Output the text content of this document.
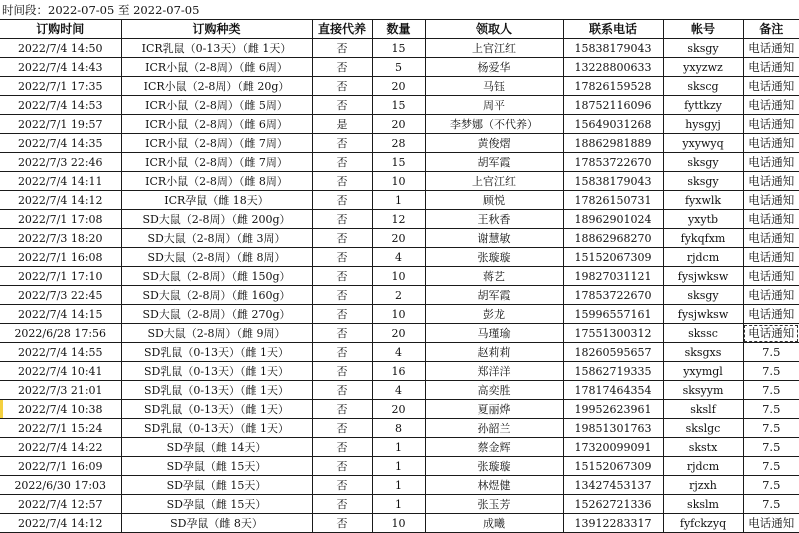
时间段：2022-07-05 至 2022-07-05
订购时间	订购种类	直接代养	数量	领取人	联系电话	帐号	备注
2022/7/4 14:50	ICR乳鼠（0-13天）（雌 1天）	否	15	上官江红	15838179043	sksgy	电话通知
2022/7/4 14:43	ICR小鼠（2-8周）（雌 6周）	否	5	杨爱华	13228800633	yxyzwz	电话通知
2022/7/1 17:35	ICR小鼠（2-8周）（雌 20g）	否	20	马钰	17826159528	skscg	电话通知
2022/7/4 14:53	ICR小鼠（2-8周）（雌 5周）	否	15	周平	18752116096	fyttkzy	电话通知
2022/7/1 19:57	ICR小鼠（2-8周）（雌 6周）	是	20	李梦娜（不代养）	15649031268	hysgyj	电话通知
2022/7/4 14:35	ICR小鼠（2-8周）（雌 7周）	否	28	黄俊熠	18862981889	yxywyq	电话通知
2022/7/3 22:46	ICR小鼠（2-8周）（雌 7周）	否	15	胡军霞	17853722670	sksgy	电话通知
2022/7/4 14:11	ICR小鼠（2-8周）（雌 8周）	否	10	上官江红	15838179043	sksgy	电话通知
2022/7/4 14:12	ICR孕鼠（雌 18天）	否	1	顾悦	17826150731	fyxwlk	电话通知
2022/7/1 17:08	SD大鼠（2-8周）（雌 200g）	否	12	王秋香	18962901024	yxytb	电话通知
2022/7/3 18:20	SD大鼠（2-8周）（雌 3周）	否	20	谢慧敏	18862968270	fykqfxm	电话通知
2022/7/1 16:08	SD大鼠（2-8周）（雌 8周）	否	4	张璇璇	15152067309	rjdcm	电话通知
2022/7/1 17:10	SD大鼠（2-8周）（雌 150g）	否	10	蒋艺	19827031121	fysjwksw	电话通知
2022/7/3 22:45	SD大鼠（2-8周）（雌 160g）	否	2	胡军霞	17853722670	sksgy	电话通知
2022/7/4 14:15	SD大鼠（2-8周）（雌 270g）	否	10	彭龙	15996557161	fysjwksw	电话通知
2022/6/28 17:56	SD大鼠（2-8周）（雌 9周）	否	20	马瑾瑜	17551300312	skssc	电话通知
2022/7/4 14:55	SD乳鼠（0-13天）（雌 1天）	否	4	赵莉莉	18260595657	sksgxs	7.5
2022/7/4 10:41	SD乳鼠（0-13天）（雌 1天）	否	16	郑洋洋	15862719335	yxymgl	7.5
2022/7/3 21:01	SD乳鼠（0-13天）（雌 1天）	否	4	高奕胜	17817464354	sksyym	7.5
2022/7/4 10:38	SD乳鼠（0-13天）（雌 1天）	否	20	夏丽烨	19952623961	skslf	7.5
2022/7/1 15:24	SD乳鼠（0-13天）（雌 1天）	否	8	孙韶兰	19851301763	skslgc	7.5
2022/7/4 14:22	SD孕鼠（雌 14天）	否	1	蔡金辉	17320099091	skstx	7.5
2022/7/1 16:09	SD孕鼠（雌 15天）	否	1	张璇璇	15152067309	rjdcm	7.5
2022/6/30 17:03	SD孕鼠（雌 15天）	否	1	林煜健	13427453137	rjzxh	7.5
2022/7/4 12:57	SD孕鼠（雌 15天）	否	1	张玉芳	15262721336	skslm	7.5
2022/7/4 14:12	SD孕鼠（雌 8天）	否	10	成曦	13912283317	fyfckzyq	电话通知
